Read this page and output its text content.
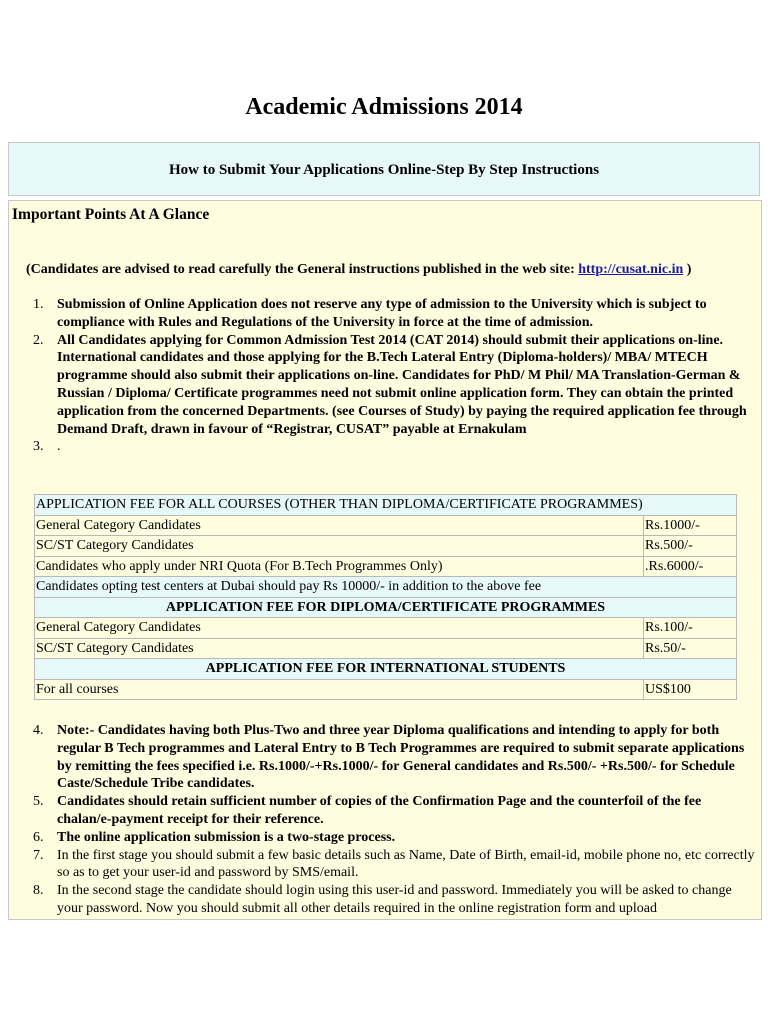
Academic Admissions 2014
How to Submit Your Applications Online-Step By Step Instructions
Important Points At A Glance
(Candidates are advised to read carefully the General instructions published in the web site: http://cusat.nic.in )
1. Submission of Online Application does not reserve any type of admission to the University which is subject to compliance with Rules and Regulations of the University in force at the time of admission.
2. All Candidates applying for Common Admission Test 2014 (CAT 2014) should submit their applications on-line. International candidates and those applying for the B.Tech Lateral Entry (Diploma-holders)/ MBA/ MTECH programme should also submit their applications on-line. Candidates for PhD/ M Phil/ MA Translation-German & Russian / Diploma/ Certificate programmes need not submit online application form. They can obtain the printed application from the concerned Departments. (see Courses of Study) by paying the required application fee through Demand Draft, drawn in favour of “Registrar, CUSAT” payable at Ernakulam
3. .
APPLICATION FEE FOR ALL COURSES (OTHER THAN DIPLOMA/CERTIFICATE PROGRAMMES)	
General Category Candidates	Rs.1000/-
SC/ST Category Candidates	Rs.500/-
Candidates who apply under NRI Quota (For B.Tech Programmes Only)	.Rs.6000/-
Candidates opting test centers at Dubai should pay Rs 10000/- in addition to the above fee	
APPLICATION FEE FOR DIPLOMA/CERTIFICATE PROGRAMMES	
General Category Candidates	Rs.100/-
SC/ST Category Candidates	Rs.50/-
APPLICATION FEE FOR INTERNATIONAL STUDENTS	
For all courses	US$100
4. Note:- Candidates having both Plus-Two and three year Diploma qualifications and intending to apply for both regular B Tech programmes and Lateral Entry to B Tech Programmes are required to submit separate applications by remitting the fees specified i.e. Rs.1000/-+Rs.1000/- for General candidates and Rs.500/- +Rs.500/- for Schedule Caste/Schedule Tribe candidates.
5. Candidates should retain sufficient number of copies of the Confirmation Page and the counterfoil of the fee chalan/e-payment receipt for their reference.
6. The online application submission is a two-stage process.
7. In the first stage you should submit a few basic details such as Name, Date of Birth, email-id, mobile phone no, etc correctly so as to get your user-id and password by SMS/email.
8. In the second stage the candidate should login using this user-id and password. Immediately you will be asked to change your password. Now you should submit all other details required in the online registration form and upload
